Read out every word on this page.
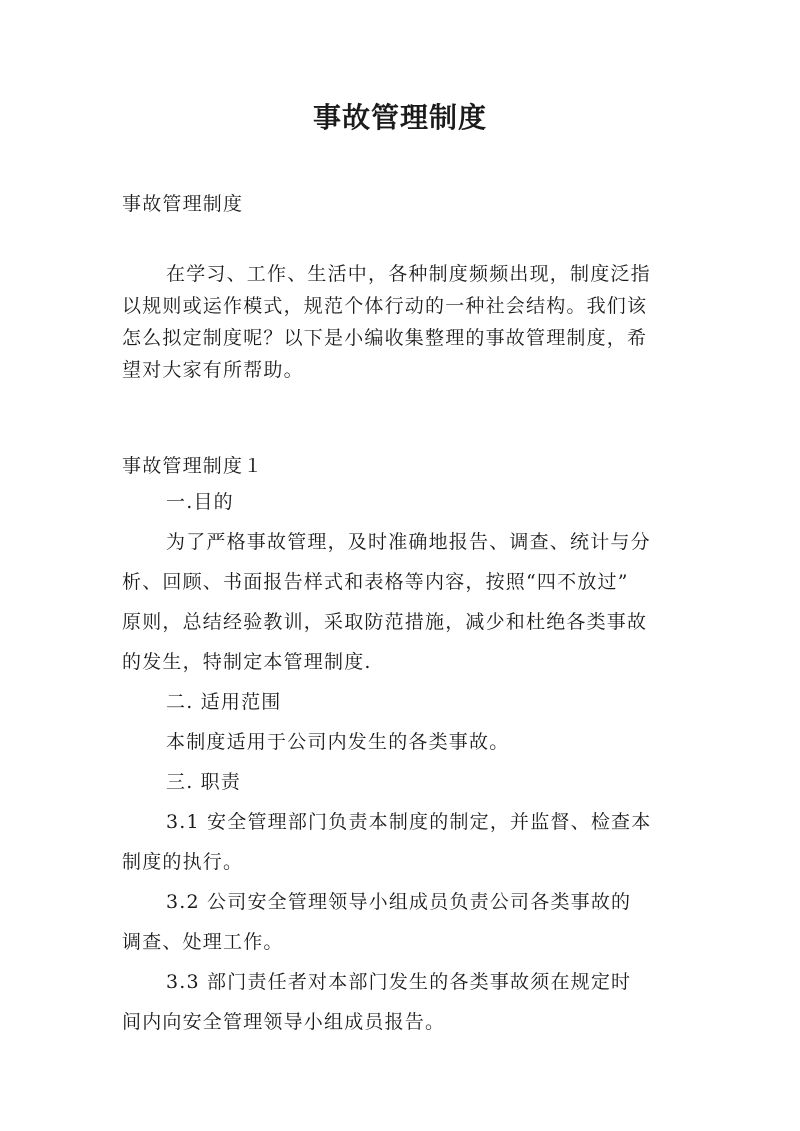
事故管理制度
事故管理制度
在学习、工作、生活中，各种制度频频出现，制度泛指
以规则或运作模式，规范个体行动的一种社会结构。我们该
怎么拟定制度呢？以下是小编收集整理的事故管理制度，希
望对大家有所帮助。
事故管理制度１
一.目的
为了严格事故管理，及时准确地报告、调查、统计与分
析、回顾、书面报告样式和表格等内容，按照“四不放过”
原则，总结经验教训，采取防范措施，减少和杜绝各类事故
的发生，特制定本管理制度.
二. 适用范围
本制度适用于公司内发生的各类事故。
三. 职责
3.1 安全管理部门负责本制度的制定，并监督、检查本
制度的执行。
3.2 公司安全管理领导小组成员负责公司各类事故的
调查、处理工作。
3.3 部门责任者对本部门发生的各类事故须在规定时
间内向安全管理领导小组成员报告。
